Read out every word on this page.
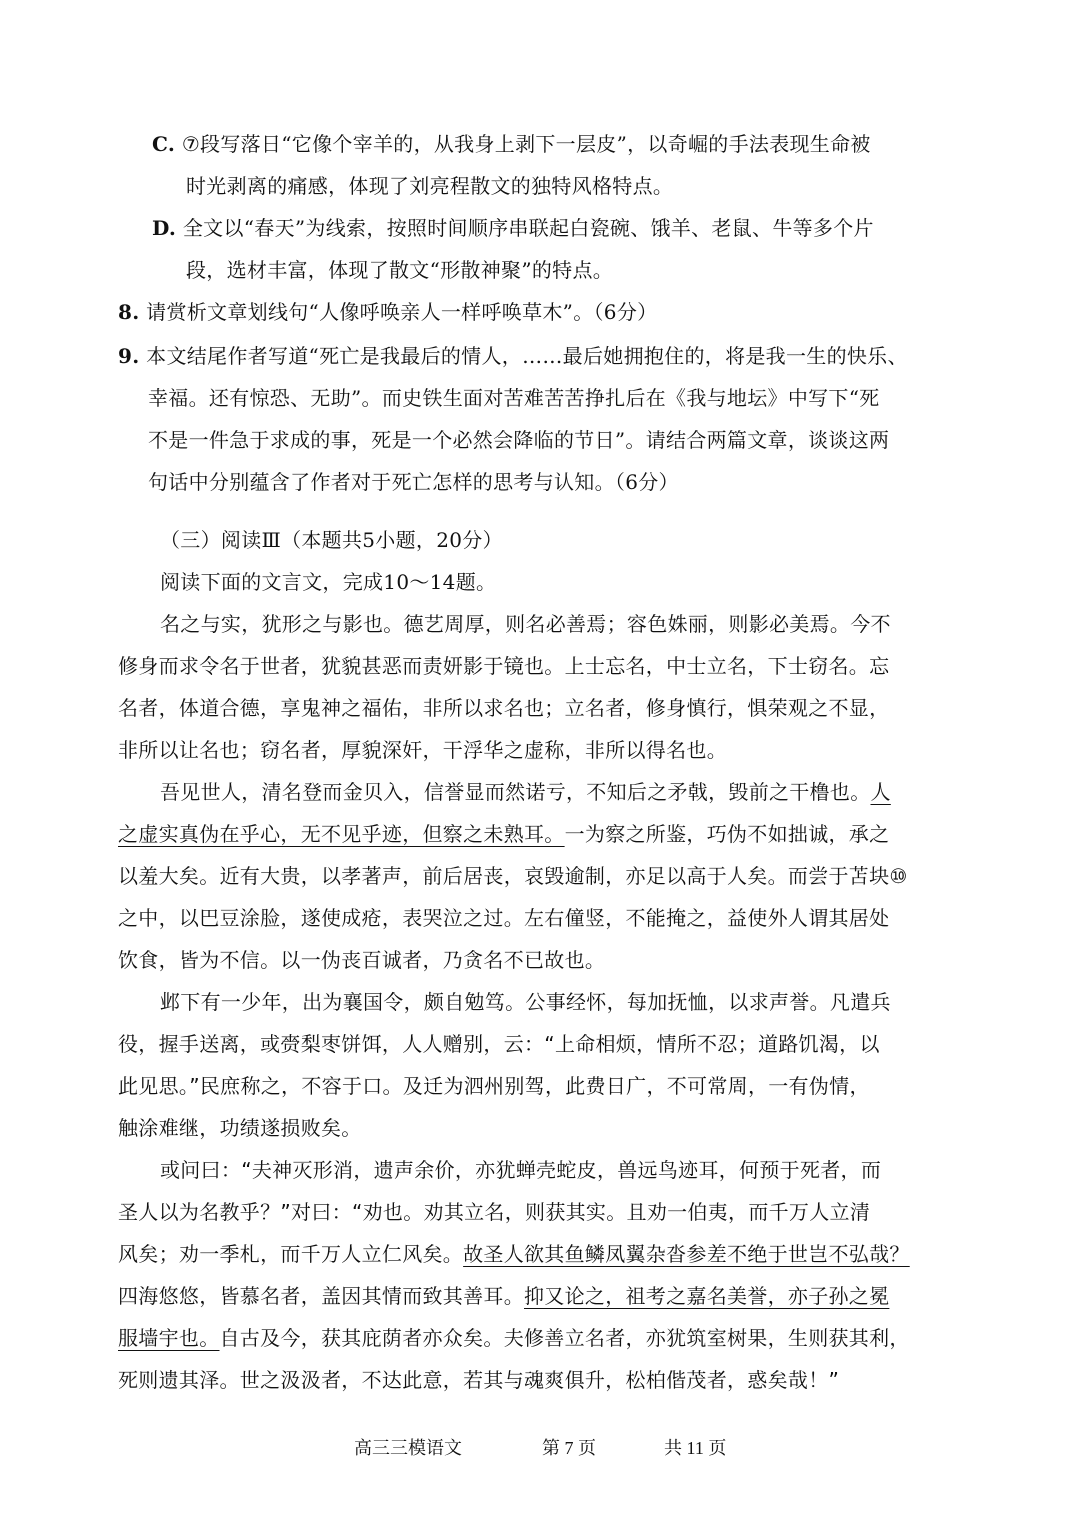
C. ⑦段写落日“它像个宰羊的，从我身上剥下一层皮”，以奇崛的手法表现生命被
时光剥离的痛感，体现了刘亮程散文的独特风格特点。
D. 全文以“春天”为线索，按照时间顺序串联起白瓷碗、饿羊、老鼠、牛等多个片
段，选材丰富，体现了散文“形散神聚”的特点。
8. 请赏析文章划线句“人像呼唤亲人一样呼唤草木”。（6分）
9. 本文结尾作者写道“死亡是我最后的情人，……最后她拥抱住的，将是我一生的快乐、
幸福。还有惊恐、无助”。而史铁生面对苦难苦苦挣扎后在《我与地坛》中写下“死
不是一件急于求成的事，死是一个必然会降临的节日”。请结合两篇文章，谈谈这两
句话中分别蕴含了作者对于死亡怎样的思考与认知。（6分）
（三）阅读Ⅲ（本题共5小题，20分）
阅读下面的文言文，完成10～14题。
名之与实，犹形之与影也。德艺周厚，则名必善焉；容色姝丽，则影必美焉。今不
修身而求令名于世者，犹貌甚恶而责妍影于镜也。上士忘名，中士立名，下士窃名。忘
名者，体道合德，享鬼神之福佑，非所以求名也；立名者，修身慎行，惧荣观之不显，
非所以让名也；窃名者，厚貌深奸，干浮华之虚称，非所以得名也。
吾见世人，清名登而金贝入，信誉显而然诺亏，不知后之矛戟，毁前之干橹也。人
之虚实真伪在乎心，无不见乎迹，但察之未熟耳。一为察之所鉴，巧伪不如拙诚，承之
以羞大矣。近有大贵，以孝著声，前后居丧，哀毁逾制，亦足以高于人矣。而尝于苫块⑩
之中，以巴豆涂脸，遂使成疮，表哭泣之过。左右僮竖，不能掩之，益使外人谓其居处
饮食，皆为不信。以一伪丧百诚者，乃贪名不已故也。
邺下有一少年，出为襄国令，颇自勉笃。公事经怀，每加抚恤，以求声誉。凡遣兵
役，握手送离，或赍梨枣饼饵，人人赠别，云：“上命相烦，情所不忍；道路饥渴，以
此见思。”民庶称之，不容于口。及迁为泗州别驾，此费日广，不可常周，一有伪情，
触涂难继，功绩遂损败矣。
或问曰：“夫神灭形消，遗声余价，亦犹蝉壳蛇皮，兽远鸟迹耳，何预于死者，而
圣人以为名教乎？”对曰：“劝也。劝其立名，则获其实。且劝一伯夷，而千万人立清
风矣；劝一季札，而千万人立仁风矣。故圣人欲其鱼鳞凤翼杂沓参差不绝于世岂不弘哉？
四海悠悠，皆慕名者，盖因其情而致其善耳。抑又论之，祖考之嘉名美誉，亦子孙之冕
服墙宇也。自古及今，获其庇荫者亦众矣。夫修善立名者，亦犹筑室树果，生则获其利，
死则遗其泽。世之汲汲者，不达此意，若其与魂爽俱升，松柏偕茂者，惑矣哉！”
高三三模语文	第 7 页	共 11 页
